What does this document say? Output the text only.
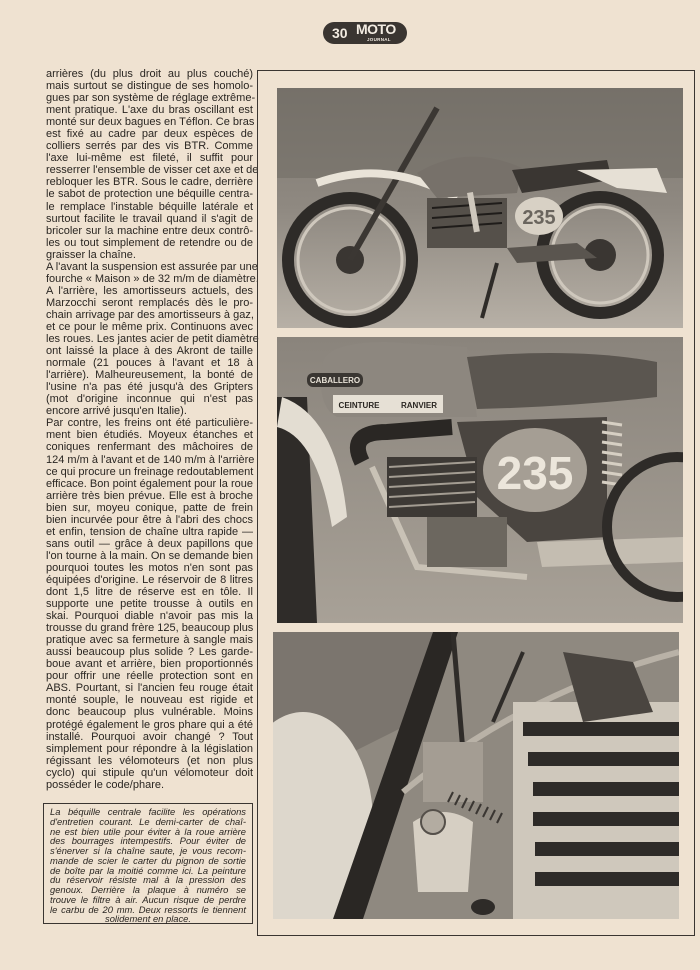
30 MOTO
JOURNAL
arrières (du plus droit au plus couché)
mais surtout se distingue de ses homolo-
gues par son système de réglage extrême-
ment pratique. L'axe du bras oscillant est
monté sur deux bagues en Téflon. Ce bras
est fixé au cadre par deux espèces de
colliers serrés par des vis BTR. Comme
l'axe lui-même est fileté, il suffit pour
resserrer l'ensemble de visser cet axe et de
rebloquer les BTR. Sous le cadre, derrière
le sabot de protection une béquille centra-
le remplace l'instable béquille latérale et
surtout facilite le travail quand il s'agit de
bricoler sur la machine entre deux contrô-
les ou tout simplement de retendre ou de
graisser la chaîne.
A l'avant la suspension est assurée par une
fourche « Maison » de 32 m/m de diamètre.
A l'arrière, les amortisseurs actuels, des
Marzocchi seront remplacés dès le pro-
chain arrivage par des amortisseurs à gaz,
et ce pour le même prix. Continuons avec
les roues. Les jantes acier de petit diamètre
ont laissé la place à des Akront de taille
normale (21 pouces à l'avant et 18 à
l'arrière). Malheureusement, la bonté de
l'usine n'a pas été jusqu'à des Gripters
(mot d'origine inconnue qui n'est pas
encore arrivé jusqu'en Italie).
Par contre, les freins ont été particulière-
ment bien étudiés. Moyeux étanches et
coniques renfermant des mâchoires de
124 m/m à l'avant et de 140 m/m à l'arrière
ce qui procure un freinage redoutablement
efficace. Bon point également pour la roue
arrière très bien prévue. Elle est à broche
bien sur, moyeu conique, patte de frein
bien incurvée pour être à l'abri des chocs
et enfin, tension de chaîne ultra rapide —
sans outil — grâce à deux papillons que
l'on tourne à la main. On se demande bien
pourquoi toutes les motos n'en sont pas
équipées d'origine. Le réservoir de 8 litres
dont 1,5 litre de réserve est en tôle. Il
supporte une petite trousse à outils en
skai. Pourquoi diable n'avoir pas mis la
trousse du grand frère 125, beaucoup plus
pratique avec sa fermeture à sangle mais
aussi beaucoup plus solide ? Les garde-
boue avant et arrière, bien proportionnés
pour offrir une réelle protection sont en
ABS. Pourtant, si l'ancien feu rouge était
monté souple, le nouveau est rigide et
donc beaucoup plus vulnérable. Moins
protégé également le gros phare qui a été
installé. Pourquoi avoir changé ? Tout
simplement pour répondre à la législation
régissant les vélomoteurs (et non plus
cyclo) qui stipule qu'un vélomoteur doit
posséder le code/phare.
La béquille centrale facilite les opérations
d'entretien courant. Le demi-carter de chaî-
ne est bien utile pour éviter à la roue arrière
des bourrages intempestifs. Pour éviter de
s'énerver si la chaîne saute, je vous recom-
mande de scier le carter du pignon de sortie
de boîte par la moitié comme ici. La peinture
du réservoir résiste mal à la pression des
genoux. Derrière la plaque à numéro se
trouve le filtre à air. Aucun risque de perdre
le carbu de 20 mm. Deux ressorts le tiennent
solidement en place.
235
CABALLERO
CEINTURE	RANVIER
235
